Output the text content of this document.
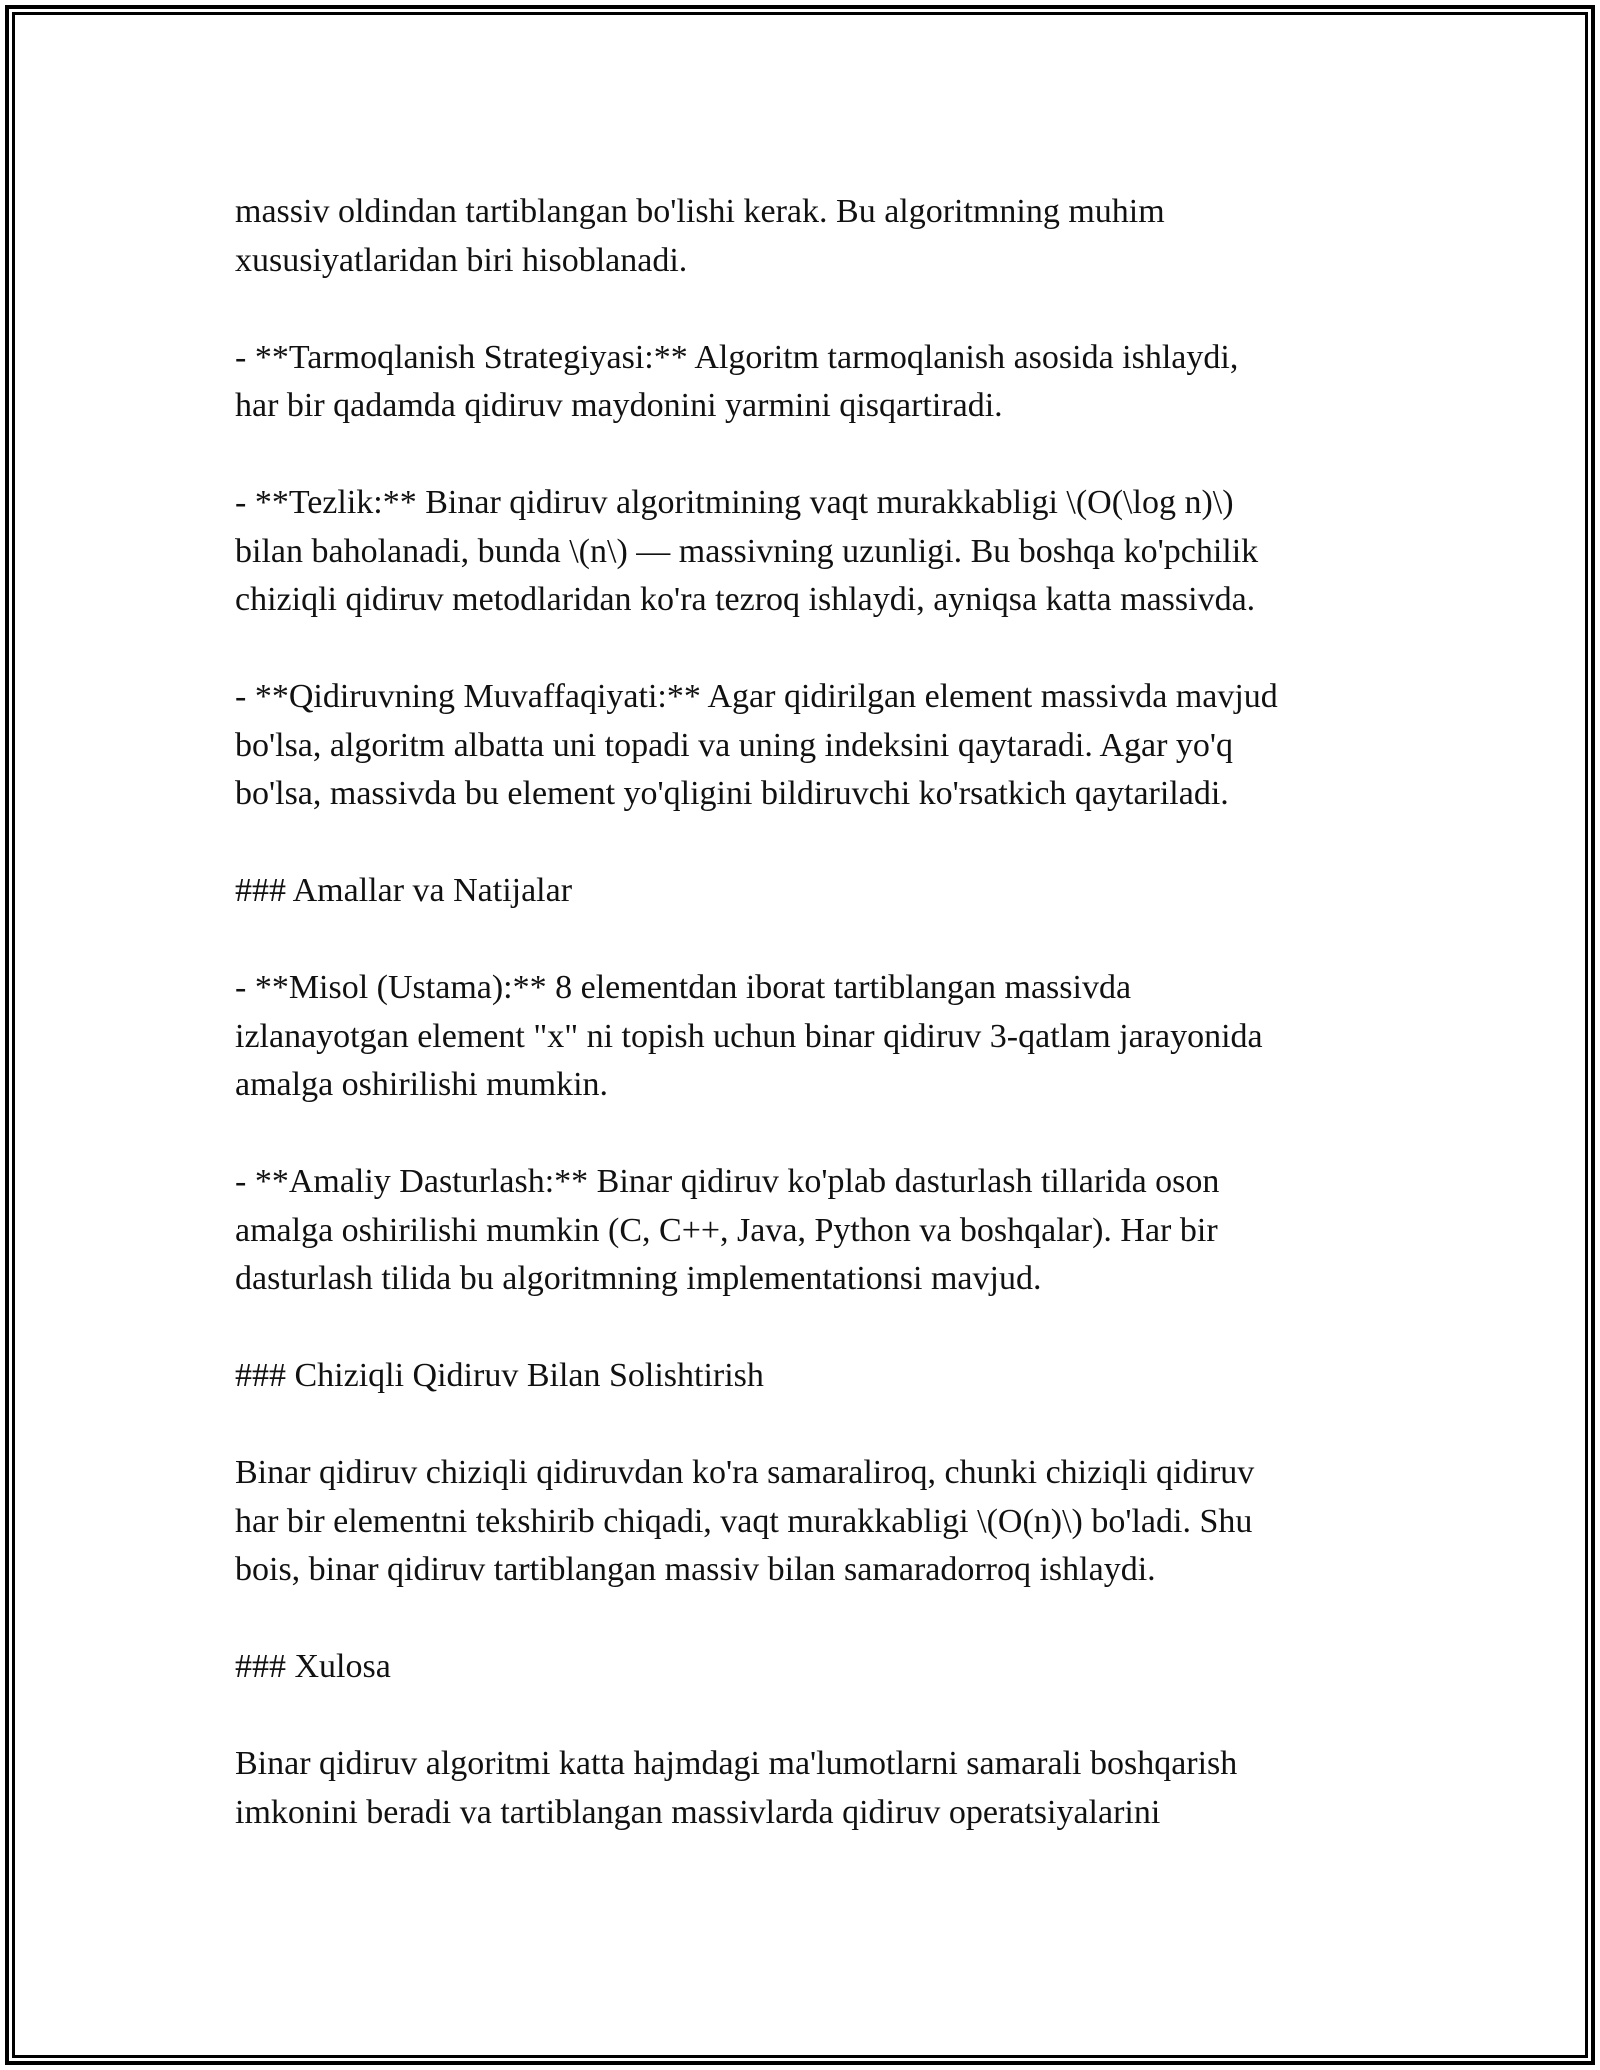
massiv oldindan tartiblangan bo'lishi kerak. Bu algoritmning muhim
xususiyatlaridan biri hisoblanadi.

- **Tarmoqlanish Strategiyasi:** Algoritm tarmoqlanish asosida ishlaydi,
har bir qadamda qidiruv maydonini yarmini qisqartiradi.

- **Tezlik:** Binar qidiruv algoritmining vaqt murakkabligi \(O(\log n)\)
bilan baholanadi, bunda \(n\) — massivning uzunligi. Bu boshqa ko'pchilik
chiziqli qidiruv metodlaridan ko'ra tezroq ishlaydi, ayniqsa katta massivda.

- **Qidiruvning Muvaffaqiyati:** Agar qidirilgan element massivda mavjud
bo'lsa, algoritm albatta uni topadi va uning indeksini qaytaradi. Agar yo'q
bo'lsa, massivda bu element yo'qligini bildiruvchi ko'rsatkich qaytariladi.

### Amallar va Natijalar

- **Misol (Ustama):** 8 elementdan iborat tartiblangan massivda
izlanayotgan element "x" ni topish uchun binar qidiruv 3-qatlam jarayonida
amalga oshirilishi mumkin.

- **Amaliy Dasturlash:** Binar qidiruv ko'plab dasturlash tillarida oson
amalga oshirilishi mumkin (C, C++, Java, Python va boshqalar). Har bir
dasturlash tilida bu algoritmning implementationsi mavjud.

### Chiziqli Qidiruv Bilan Solishtirish

Binar qidiruv chiziqli qidiruvdan ko'ra samaraliroq, chunki chiziqli qidiruv
har bir elementni tekshirib chiqadi, vaqt murakkabligi \(O(n)\) bo'ladi. Shu
bois, binar qidiruv tartiblangan massiv bilan samaradorroq ishlaydi.

### Xulosa

Binar qidiruv algoritmi katta hajmdagi ma'lumotlarni samarali boshqarish
imkonini beradi va tartiblangan massivlarda qidiruv operatsiyalarini
